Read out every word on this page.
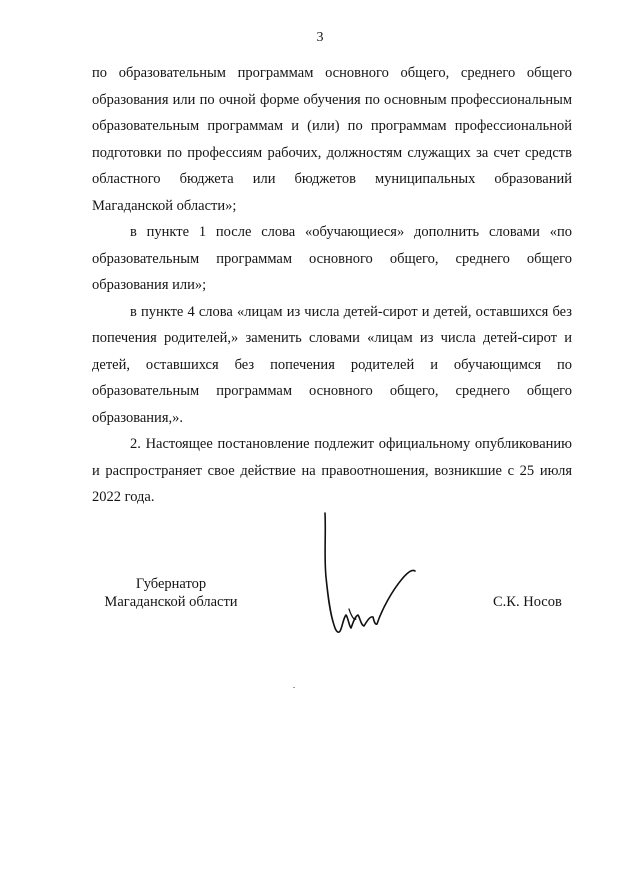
3

по образовательным программам основного общего, среднего общего образования или по очной форме обучения по основным профессиональным образовательным программам и (или) по программам профессиональной подготовки по профессиям рабочих, должностям служащих за счет средств областного бюджета или бюджетов муниципальных образований Магаданской области»;

в пункте 1 после слова «обучающиеся» дополнить словами «по образовательным программам основного общего, среднего общего образования или»;

в пункте 4 слова «лицам из числа детей-сирот и детей, оставшихся без попечения родителей,» заменить словами «лицам из числа детей-сирот и детей, оставшихся без попечения родителей и обучающимся по образовательным программам основного общего, среднего общего образования,».

2. Настоящее постановление подлежит официальному опубликованию и распространяет свое действие на правоотношения, возникшие с 25 июля 2022 года.

Губернатор
Магаданской области	С.К. Носов
